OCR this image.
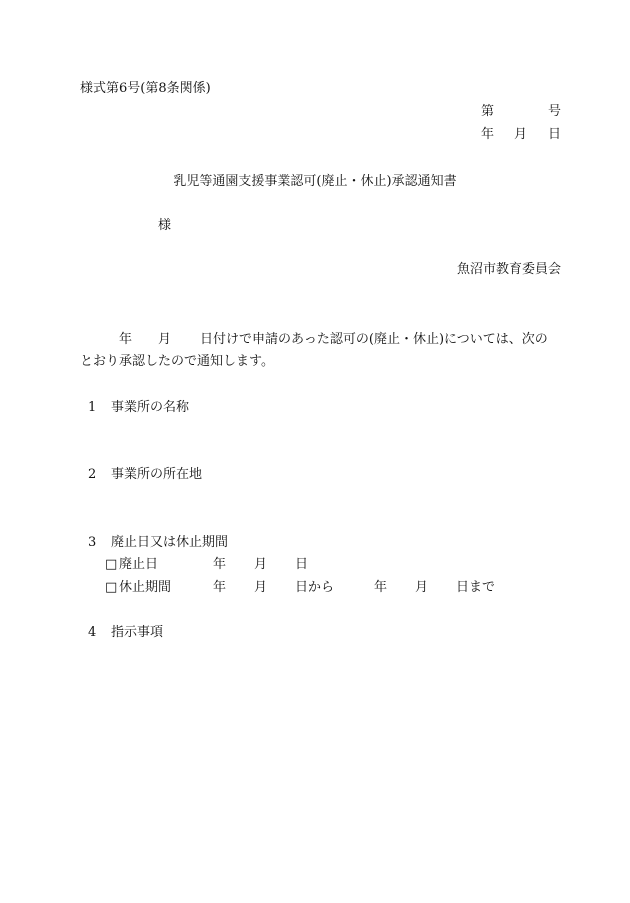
様式第6号(第8条関係)
第	号
年 月 日
乳児等通園支援事業認可(廃止・休止)承認通知書
様
魚沼市教育委員会
年 月 日付けで申請のあった認可の(廃止・休止)については、次の
とおり承認したので通知します。
1 事業所の名称
2 事業所の所在地
3 廃止日又は休止期間
□ 廃止日	年 月 日
□ 休止期間	年 月 日から	年 月 日まで
4 指示事項
